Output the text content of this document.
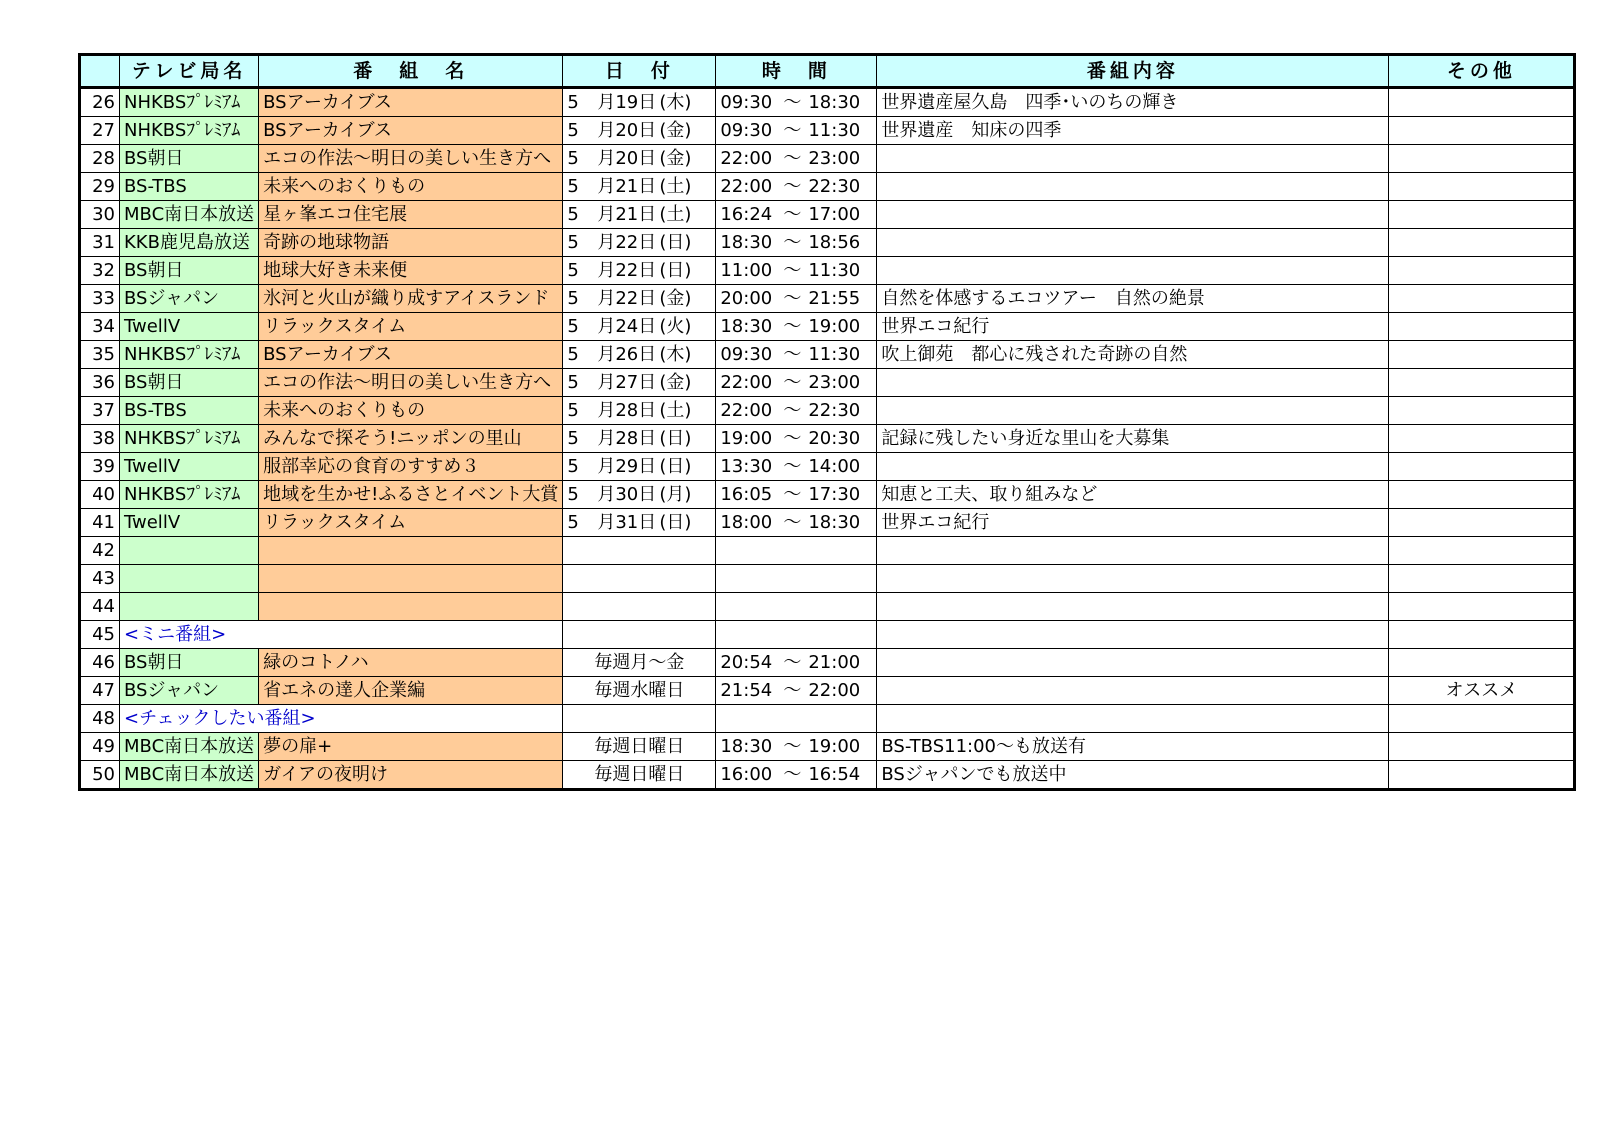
	テレビ局名	番　組　名	日　付	時　間	番組内容	その他
26	NHKBSﾌﾟﾚﾐｱﾑ	BSアーカイブス	5 月19日 (木)	09:30 ～ 18:30	世界遺産屋久島　四季･いのちの輝き	
27	NHKBSﾌﾟﾚﾐｱﾑ	BSアーカイブス	5 月20日 (金)	09:30 ～ 11:30	世界遺産　知床の四季	
28	BS朝日	エコの作法～明日の美しい生き方へ	5 月20日 (金)	22:00 ～ 23:00		
29	BS-TBS	未来へのおくりもの	5 月21日 (土)	22:00 ～ 22:30		
30	MBC南日本放送	星ヶ峯エコ住宅展	5 月21日 (土)	16:24 ～ 17:00		
31	KKB鹿児島放送	奇跡の地球物語	5 月22日 (日)	18:30 ～ 18:56		
32	BS朝日	地球大好き未来便	5 月22日 (日)	11:00 ～ 11:30		
33	BSジャパン	氷河と火山が織り成すアイスランド	5 月22日 (金)	20:00 ～ 21:55	自然を体感するエコツアー　自然の絶景	
34	TwellV	リラックスタイム	5 月24日 (火)	18:30 ～ 19:00	世界エコ紀行	
35	NHKBSﾌﾟﾚﾐｱﾑ	BSアーカイブス	5 月26日 (木)	09:30 ～ 11:30	吹上御苑　都心に残された奇跡の自然	
36	BS朝日	エコの作法～明日の美しい生き方へ	5 月27日 (金)	22:00 ～ 23:00		
37	BS-TBS	未来へのおくりもの	5 月28日 (土)	22:00 ～ 22:30		
38	NHKBSﾌﾟﾚﾐｱﾑ	みんなで探そう!ニッポンの里山	5 月28日 (日)	19:00 ～ 20:30	記録に残したい身近な里山を大募集	
39	TwellV	服部幸応の食育のすすめ３	5 月29日 (日)	13:30 ～ 14:00		
40	NHKBSﾌﾟﾚﾐｱﾑ	地域を生かせ!ふるさとイベント大賞	5 月30日 (月)	16:05 ～ 17:30	知恵と工夫、取り組みなど	
41	TwellV	リラックスタイム	5 月31日 (日)	18:00 ～ 18:30	世界エコ紀行	
42						
43						
44						
45	<ミニ番組>					
46	BS朝日	緑のコトノハ	毎週月～金	20:54 ～ 21:00		
47	BSジャパン	省エネの達人企業編	毎週水曜日	21:54 ～ 22:00		オススメ
48	<チェックしたい番組>					
49	MBC南日本放送	夢の扉+	毎週日曜日	18:30 ～ 19:00	BS-TBS11:00～も放送有	
50	MBC南日本放送	ガイアの夜明け	毎週日曜日	16:00 ～ 16:54	BSジャパンでも放送中	
